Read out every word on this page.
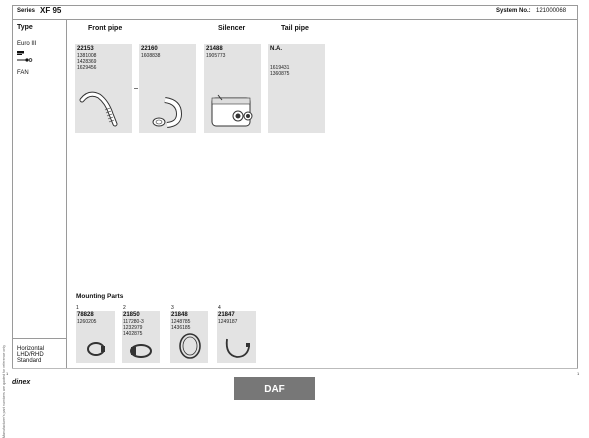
Series XF 95	System No.: 121000068
Type
Euro III
FAN
Manufacturer's part numbers are quoted for reference only
Front pipe	Silencer	Tail pipe
22153
1381008
1428369
1629456
22160
1608838
21488
1905773
N.A.
1619431
1360875
Mounting Parts
1
78828
1260205
2
21850
117280-3
1232979
1402875
3
21848
1248785
1436185
4
21847
1249187
Horizontal
LHD/RHD
Standard
1	1
dinex
DAF
